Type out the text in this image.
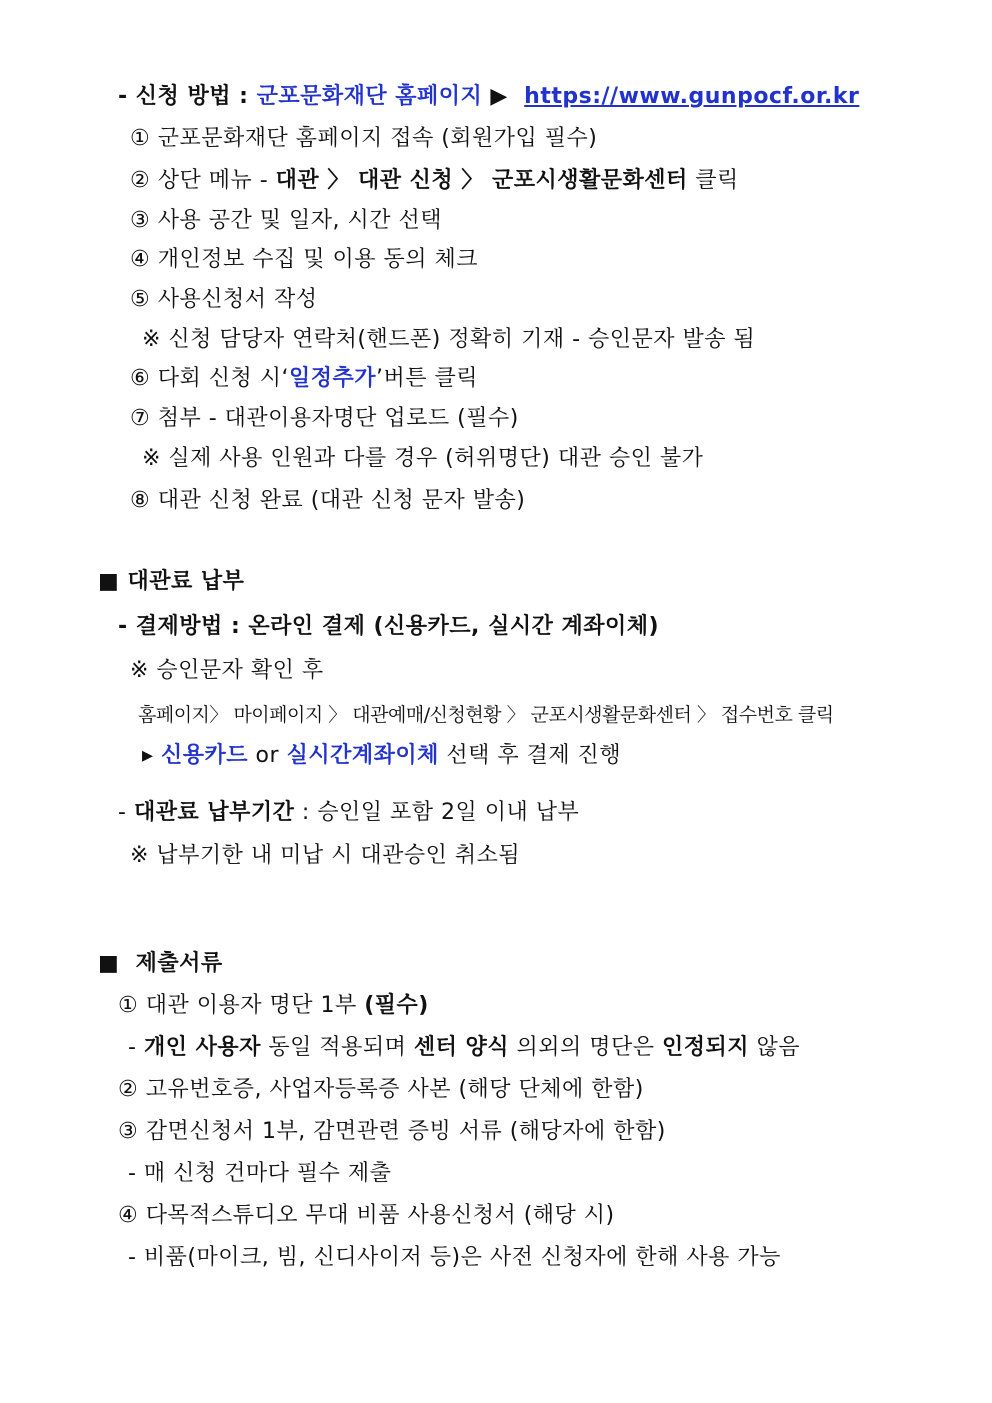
- 신청 방법 : 군포문화재단 홈페이지 ▶  https://www.gunpocf.or.kr
① 군포문화재단 홈페이지 접속 (회원가입 필수)
② 상단 메뉴 - 대관 〉 대관 신청 〉 군포시생활문화센터 클릭
③ 사용 공간 및 일자, 시간 선택
④ 개인정보 수집 및 이용 동의 체크
⑤ 사용신청서 작성
※ 신청 담당자 연락처(핸드폰) 정확히 기재 - 승인문자 발송 됨
⑥ 다회 신청 시‘일정추가’버튼 클릭
⑦ 첨부 - 대관이용자명단 업로드 (필수)
※ 실제 사용 인원과 다를 경우 (허위명단) 대관 승인 불가
⑧ 대관 신청 완료 (대관 신청 문자 발송)
■ 대관료 납부
- 결제방법 : 온라인 결제 (신용카드, 실시간 계좌이체)
※ 승인문자 확인 후
홈페이지〉 마이페이지 〉 대관예매/신청현황 〉 군포시생활문화센터 〉 접수번호 클릭
▸ 신용카드 or 실시간계좌이체 선택 후 결제 진행
- 대관료 납부기간 : 승인일 포함 2일 이내 납부
※ 납부기한 내 미납 시 대관승인 취소됨
■  제출서류
① 대관 이용자 명단 1부 (필수)
- 개인 사용자 동일 적용되며 센터 양식 의외의 명단은 인정되지 않음
② 고유번호증, 사업자등록증 사본 (해당 단체에 한함)
③ 감면신청서 1부, 감면관련 증빙 서류 (해당자에 한함)
- 매 신청 건마다 필수 제출
④ 다목적스튜디오 무대 비품 사용신청서 (해당 시)
- 비품(마이크, 빔, 신디사이저 등)은 사전 신청자에 한해 사용 가능
